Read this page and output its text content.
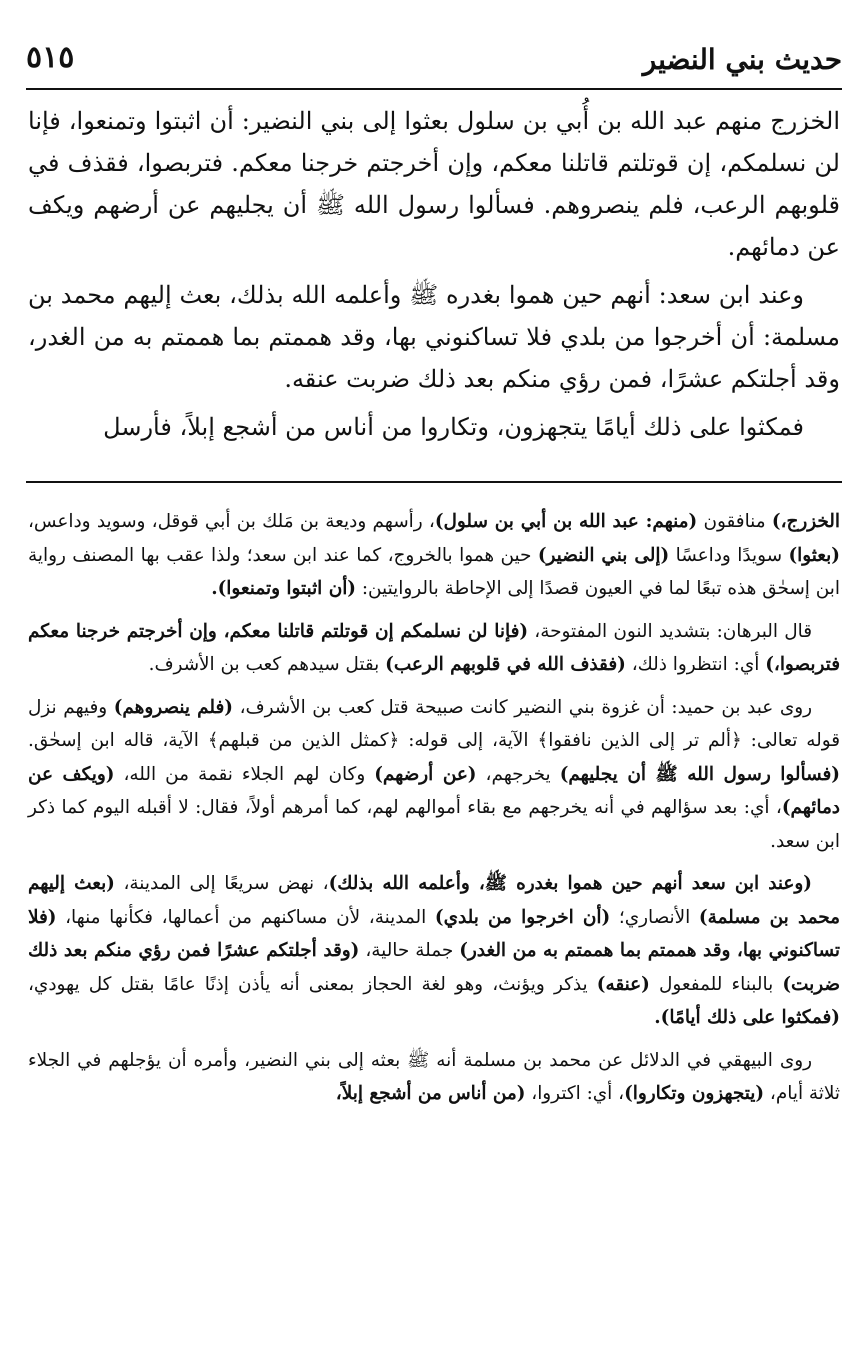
حديث بني النضير
٥١٥

الخزرج منهم عبد الله بن أُبي بن سلول بعثوا إلى بني النضير: أن اثبتوا وتمنعوا، فإنا لن نسلمكم، إن قوتلتم قاتلنا معكم، وإن أخرجتم خرجنا معكم. فتربصوا، فقذف في قلوبهم الرعب، فلم ينصروهم. فسألوا رسول الله ﷺ أن يجليهم عن أرضهم ويكف عن دمائهم.

وعند ابن سعد: أنهم حين هموا بغدره ﷺ وأعلمه الله بذلك، بعث إليهم محمد بن مسلمة: أن أخرجوا من بلدي فلا تساكنوني بها، وقد هممتم بما هممتم به من الغدر، وقد أجلتكم عشرًا، فمن رؤي منكم بعد ذلك ضربت عنقه.

فمكثوا على ذلك أيامًا يتجهزون، وتكاروا من أناس من أشجع إبلاً، فأرسل

الخزرج،) منافقون (منهم: عبد الله بن أبي بن سلول)، رأسهم وديعة بن مَلك بن أبي قوقل، وسويد وداعس، (بعثوا) سويدًا وداعسًا (إلى بني النضير) حين هموا بالخروج، كما عند ابن سعد؛ ولذا عقب بها المصنف رواية ابن إسحٰق هذه تبعًا لما في العيون قصدًا إلى الإحاطة بالروايتين: (أن اثبتوا وتمنعوا).

قال البرهان: بتشديد النون المفتوحة، (فإنا لن نسلمكم إن قوتلتم قاتلنا معكم، وإن أخرجتم خرجنا معكم فتربصوا،) أي: انتظروا ذلك، (فقذف الله في قلوبهم الرعب) بقتل سيدهم كعب بن الأشرف.

روى عبد بن حميد: أن غزوة بني النضير كانت صبيحة قتل كعب بن الأشرف، (فلم ينصروهم) وفيهم نزل قوله تعالى: ﴿ألم تر إلى الذين نافقوا﴾ الآية، إلى قوله: ﴿كمثل الذين من قبلهم﴾ الآية، قاله ابن إسحٰق. (فسألوا رسول الله ﷺ أن يجليهم) يخرجهم، (عن أرضهم) وكان لهم الجلاء نقمة من الله، (ويكف عن دمائهم)، أي: بعد سؤالهم في أنه يخرجهم مع بقاء أموالهم لهم، كما أمرهم أولاً، فقال: لا أقبله اليوم كما ذكر ابن سعد.

(وعند ابن سعد أنهم حين هموا بغدره ﷺ، وأعلمه الله بذلك)، نهض سريعًا إلى المدينة، (بعث إليهم محمد بن مسلمة) الأنصاري؛ (أن اخرجوا من بلدي) المدينة، لأن مساكنهم من أعمالها، فكأنها منها، (فلا تساكنوني بها، وقد هممتم بما هممتم به من الغدر) جملة حالية، (وقد أجلتكم عشرًا فمن رؤي منكم بعد ذلك ضربت) بالبناء للمفعول (عنقه) يذكر ويؤنث، وهو لغة الحجاز بمعنى أنه يأذن إذنًا عامًا بقتل كل يهودي، (فمكثوا على ذلك أيامًا).

روى البيهقي في الدلائل عن محمد بن مسلمة أنه ﷺ بعثه إلى بني النضير، وأمره أن يؤجلهم في الجلاء ثلاثة أيام، (يتجهزون وتكاروا)، أي: اكتروا، (من أناس من أشجع إبلاً،
